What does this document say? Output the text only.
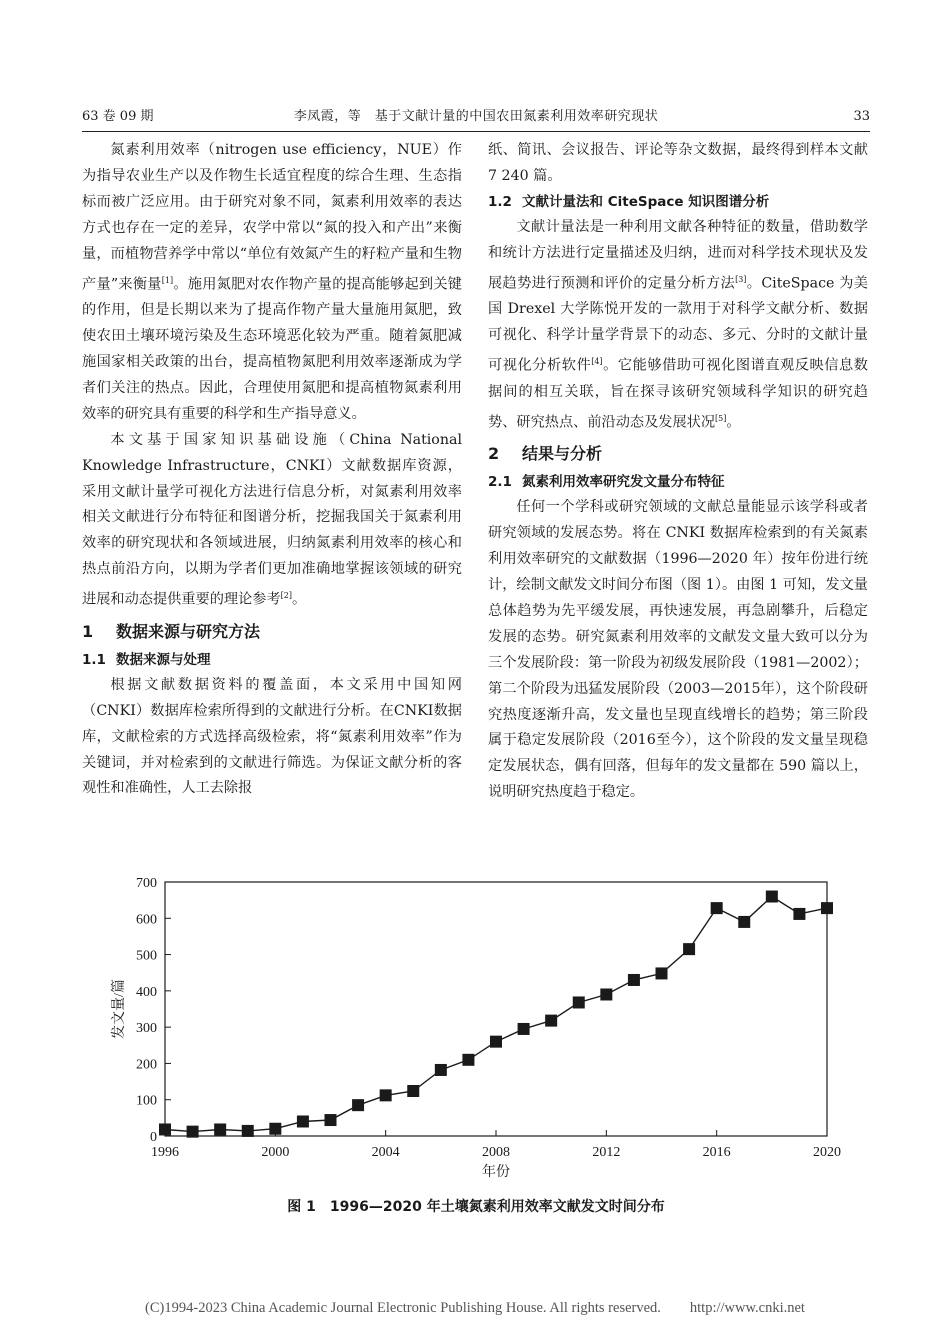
63 卷 09 期	李凤霞，等　基于文献计量的中国农田氮素利用效率研究现状	33

氮素利用效率（nitrogen use efficiency，NUE）作为指导农业生产以及作物生长适宜程度的综合生理、生态指标而被广泛应用。由于研究对象不同，氮素利用效率的表达方式也存在一定的差异，农学中常以“氮的投入和产出”来衡量，而植物营养学中常以“单位有效氮产生的籽粒产量和生物产量”来衡量[1]。施用氮肥对农作物产量的提高能够起到关键的作用，但是长期以来为了提高作物产量大量施用氮肥，致使农田土壤环境污染及生态环境恶化较为严重。随着氮肥减施国家相关政策的出台，提高植物氮肥利用效率逐渐成为学者们关注的热点。因此，合理使用氮肥和提高植物氮素利用效率的研究具有重要的科学和生产指导意义。

本文基于国家知识基础设施（China National Knowledge Infrastructure，CNKI）文献数据库资源，采用文献计量学可视化方法进行信息分析，对氮素利用效率相关文献进行分布特征和图谱分析，挖掘我国关于氮素利用效率的研究现状和各领域进展，归纳氮素利用效率的核心和热点前沿方向，以期为学者们更加准确地掌握该领域的研究进展和动态提供重要的理论参考[2]。

1 数据来源与研究方法
1.1 数据来源与处理

根据文献数据资料的覆盖面，本文采用中国知网（CNKI）数据库检索所得到的文献进行分析。在CNKI数据库，文献检索的方式选择高级检索，将“氮素利用效率”作为关键词，并对检索到的文献进行筛选。为保证文献分析的客观性和准确性，人工去除报

纸、简讯、会议报告、评论等杂文数据，最终得到样本文献 7 240 篇。

1.2 文献计量法和 CiteSpace 知识图谱分析

文献计量法是一种利用文献各种特征的数量，借助数学和统计方法进行定量描述及归纳，进而对科学技术现状及发展趋势进行预测和评价的定量分析方法[3]。CiteSpace 为美国 Drexel 大学陈悦开发的一款用于对科学文献分析、数据可视化、科学计量学背景下的动态、多元、分时的文献计量可视化分析软件[4]。它能够借助可视化图谱直观反映信息数据间的相互关联，旨在探寻该研究领域科学知识的研究趋势、研究热点、前沿动态及发展状况[5]。

2 结果与分析
2.1 氮素利用效率研究发文量分布特征

任何一个学科或研究领域的文献总量能显示该学科或者研究领域的发展态势。将在 CNKI 数据库检索到的有关氮素利用效率研究的文献数据（1996—2020 年）按年份进行统计，绘制文献发文时间分布图（图 1）。由图 1 可知，发文量总体趋势为先平缓发展，再快速发展，再急剧攀升，后稳定发展的态势。研究氮素利用效率的文献发文量大致可以分为三个发展阶段：第一阶段为初级发展阶段（1981—2002）；第二个阶段为迅猛发展阶段（2003—2015年），这个阶段研究热度逐渐升高，发文量也呈现直线增长的趋势；第三阶段属于稳定发展阶段（2016至今），这个阶段的发文量呈现稳定发展状态，偶有回落，但每年的发文量都在 590 篇以上，说明研究热度趋于稳定。

0
100
200
300
400
500
600
700
1996	2000	2004	2008	2012	2016	2020
年份
发文量/篇
图 1　1996—2020 年土壤氮素利用效率文献发文时间分布
(C)1994-2023 China Academic Journal Electronic Publishing House. All rights reserved.　　http://www.cnki.net
